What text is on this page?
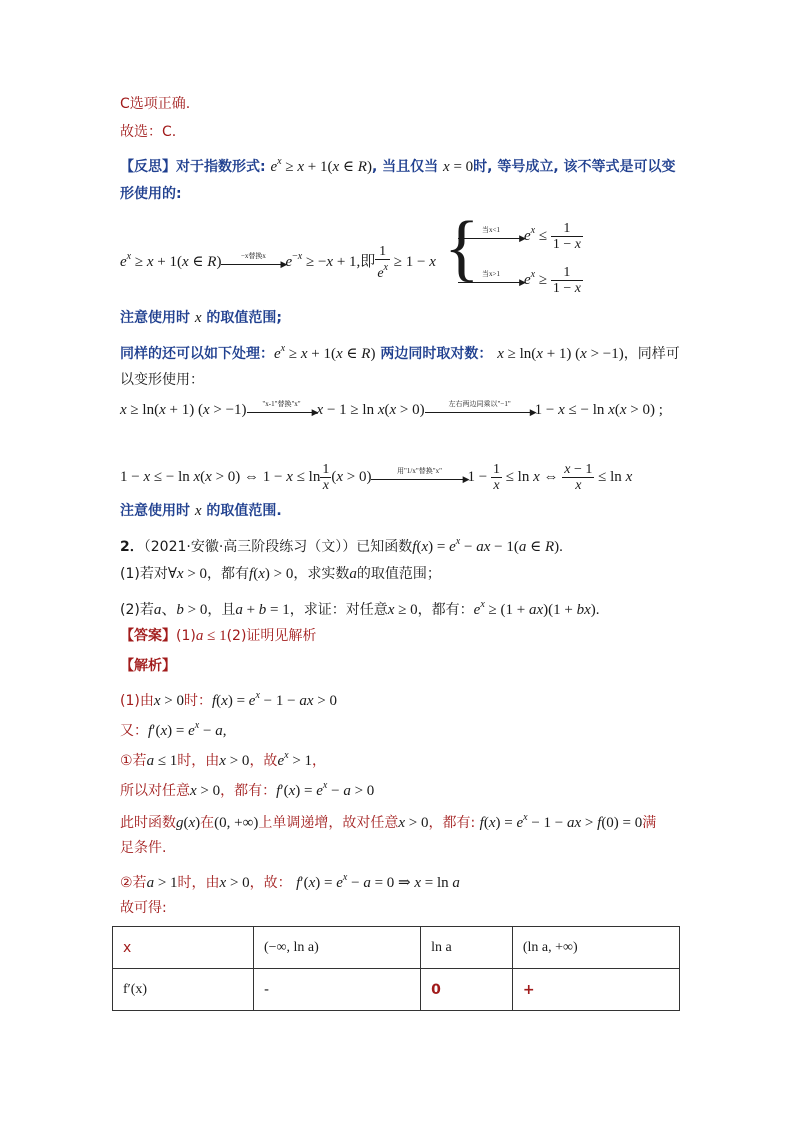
C选项正确.
故选：C.
【反思】对于指数形式: $e^x \ge x + 1(x$ ∈ R), 当且仅当 x = 0时, 等号成立, 该不等式是可以变
形使用的:
$e^x \ge x + 1(x$ ∈ R)	−x替换x
▶
$e^{-x} \ge -x + 1$,即 $\frac{1}{e^x} \ge 1 - x$ { 当x<1
▶
$e^x \le \frac{1}{1 - x}$
当x>1
▶
$e^x \ge \frac{1}{1 - x}$
注意使用时 x 的取值范围;
同样的还可以如下处理：$e^x \ge x + 1(x$ ∈ R) 两边同时取对数： x ≥ ln(x + 1) (x > −1)，同样可
以变形使用：
x ≥ ln(x + 1) (x > −1)	"x-1"替换"x"
▶
x − 1 ≥ ln x(x > 0)	左右两边同乘以"−1"
▶
1 − x ≤ − ln x(x > 0) ;
1 − x ≤ − ln x(x > 0) ⇔ $1 - x \le \ln \frac{1}{x} (x > 0)$	用"1/x"替换"x"
▶
$1 - \frac{1}{x} \le \ln x$ ⇔ $\frac{x - 1}{x} \le \ln x$
注意使用时 x 的取值范围.
2．（2021·安徽·高三阶段练习（文））已知函数$f(x) = e^x$ − ax − 1(a ∈ R).
(1)若对∀x > 0，都有f(x) > 0，求实数a的取值范围；
(2)若a、b > 0，且a + b = 1，求证：对任意x ≥ 0，都有：$e^x \ge (1 + ax)(1 + bx)$.
【答案】(1)a ≤ 1(2)证明见解析
【解析】
(1)由x > 0时：$f(x) = e^x - 1$ − ax > 0
又：$f'(x) = e^x - a$,
①若a ≤ 1时，由x > 0，故$e^x > 1$，
所以对任意x > 0，都有：$f'(x) = e^x - a > 0$
此时函数g(x)在(0, +∞)上单调递增，故对任意x > 0，都有: $f(x) = e^x - 1$ − ax > f(0) = 0满
足条件.
②若a > 1时，由x > 0，故： $f'(x) = e^x - a = 0$ ⇒ x = ln a
故可得:
x	(−∞, ln a)	ln a	(ln a, +∞)
f′(x)	-	0	+
